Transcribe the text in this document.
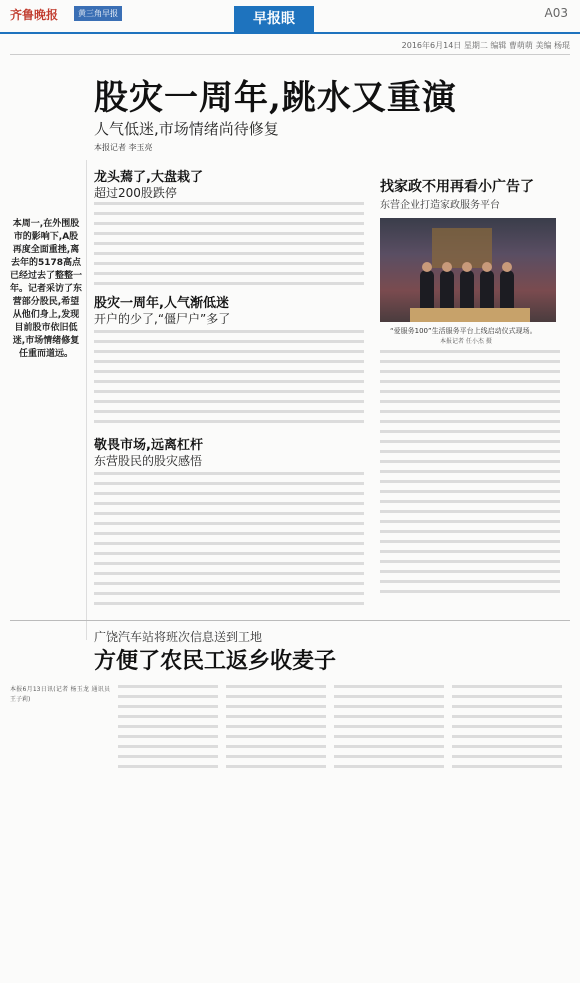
齐鲁晚报	黄三角早报	早报眼	A03
2016年6月14日 星期二 编辑 曹萌萌 美编 杨琨
股灾一周年,跳水又重演
人气低迷,市场情绪尚待修复
本报记者 李玉亮
本周一,在外围股市的影响下,A股再度全面重挫,离去年的5178高点已经过去了整整一年。记者采访了东营部分股民,希望从他们身上,发现目前股市依旧低迷,市场情绪修复任重而道远。
龙头蔫了,大盘栽了
超过200股跌停
股灾一周年,人气渐低迷
开户的少了,“僵尸户”多了
敬畏市场,远离杠杆
东营股民的股灾感悟
找家政不用再看小广告了
东营企业打造家政服务平台
“爱服务100”生活服务平台上线启动仪式现场。
本报记者 任小杰 摄
广饶汽车站将班次信息送到工地
方便了农民工返乡收麦子
本报6月13日讯(记者 杨玉龙 通讯员 王子莉)
